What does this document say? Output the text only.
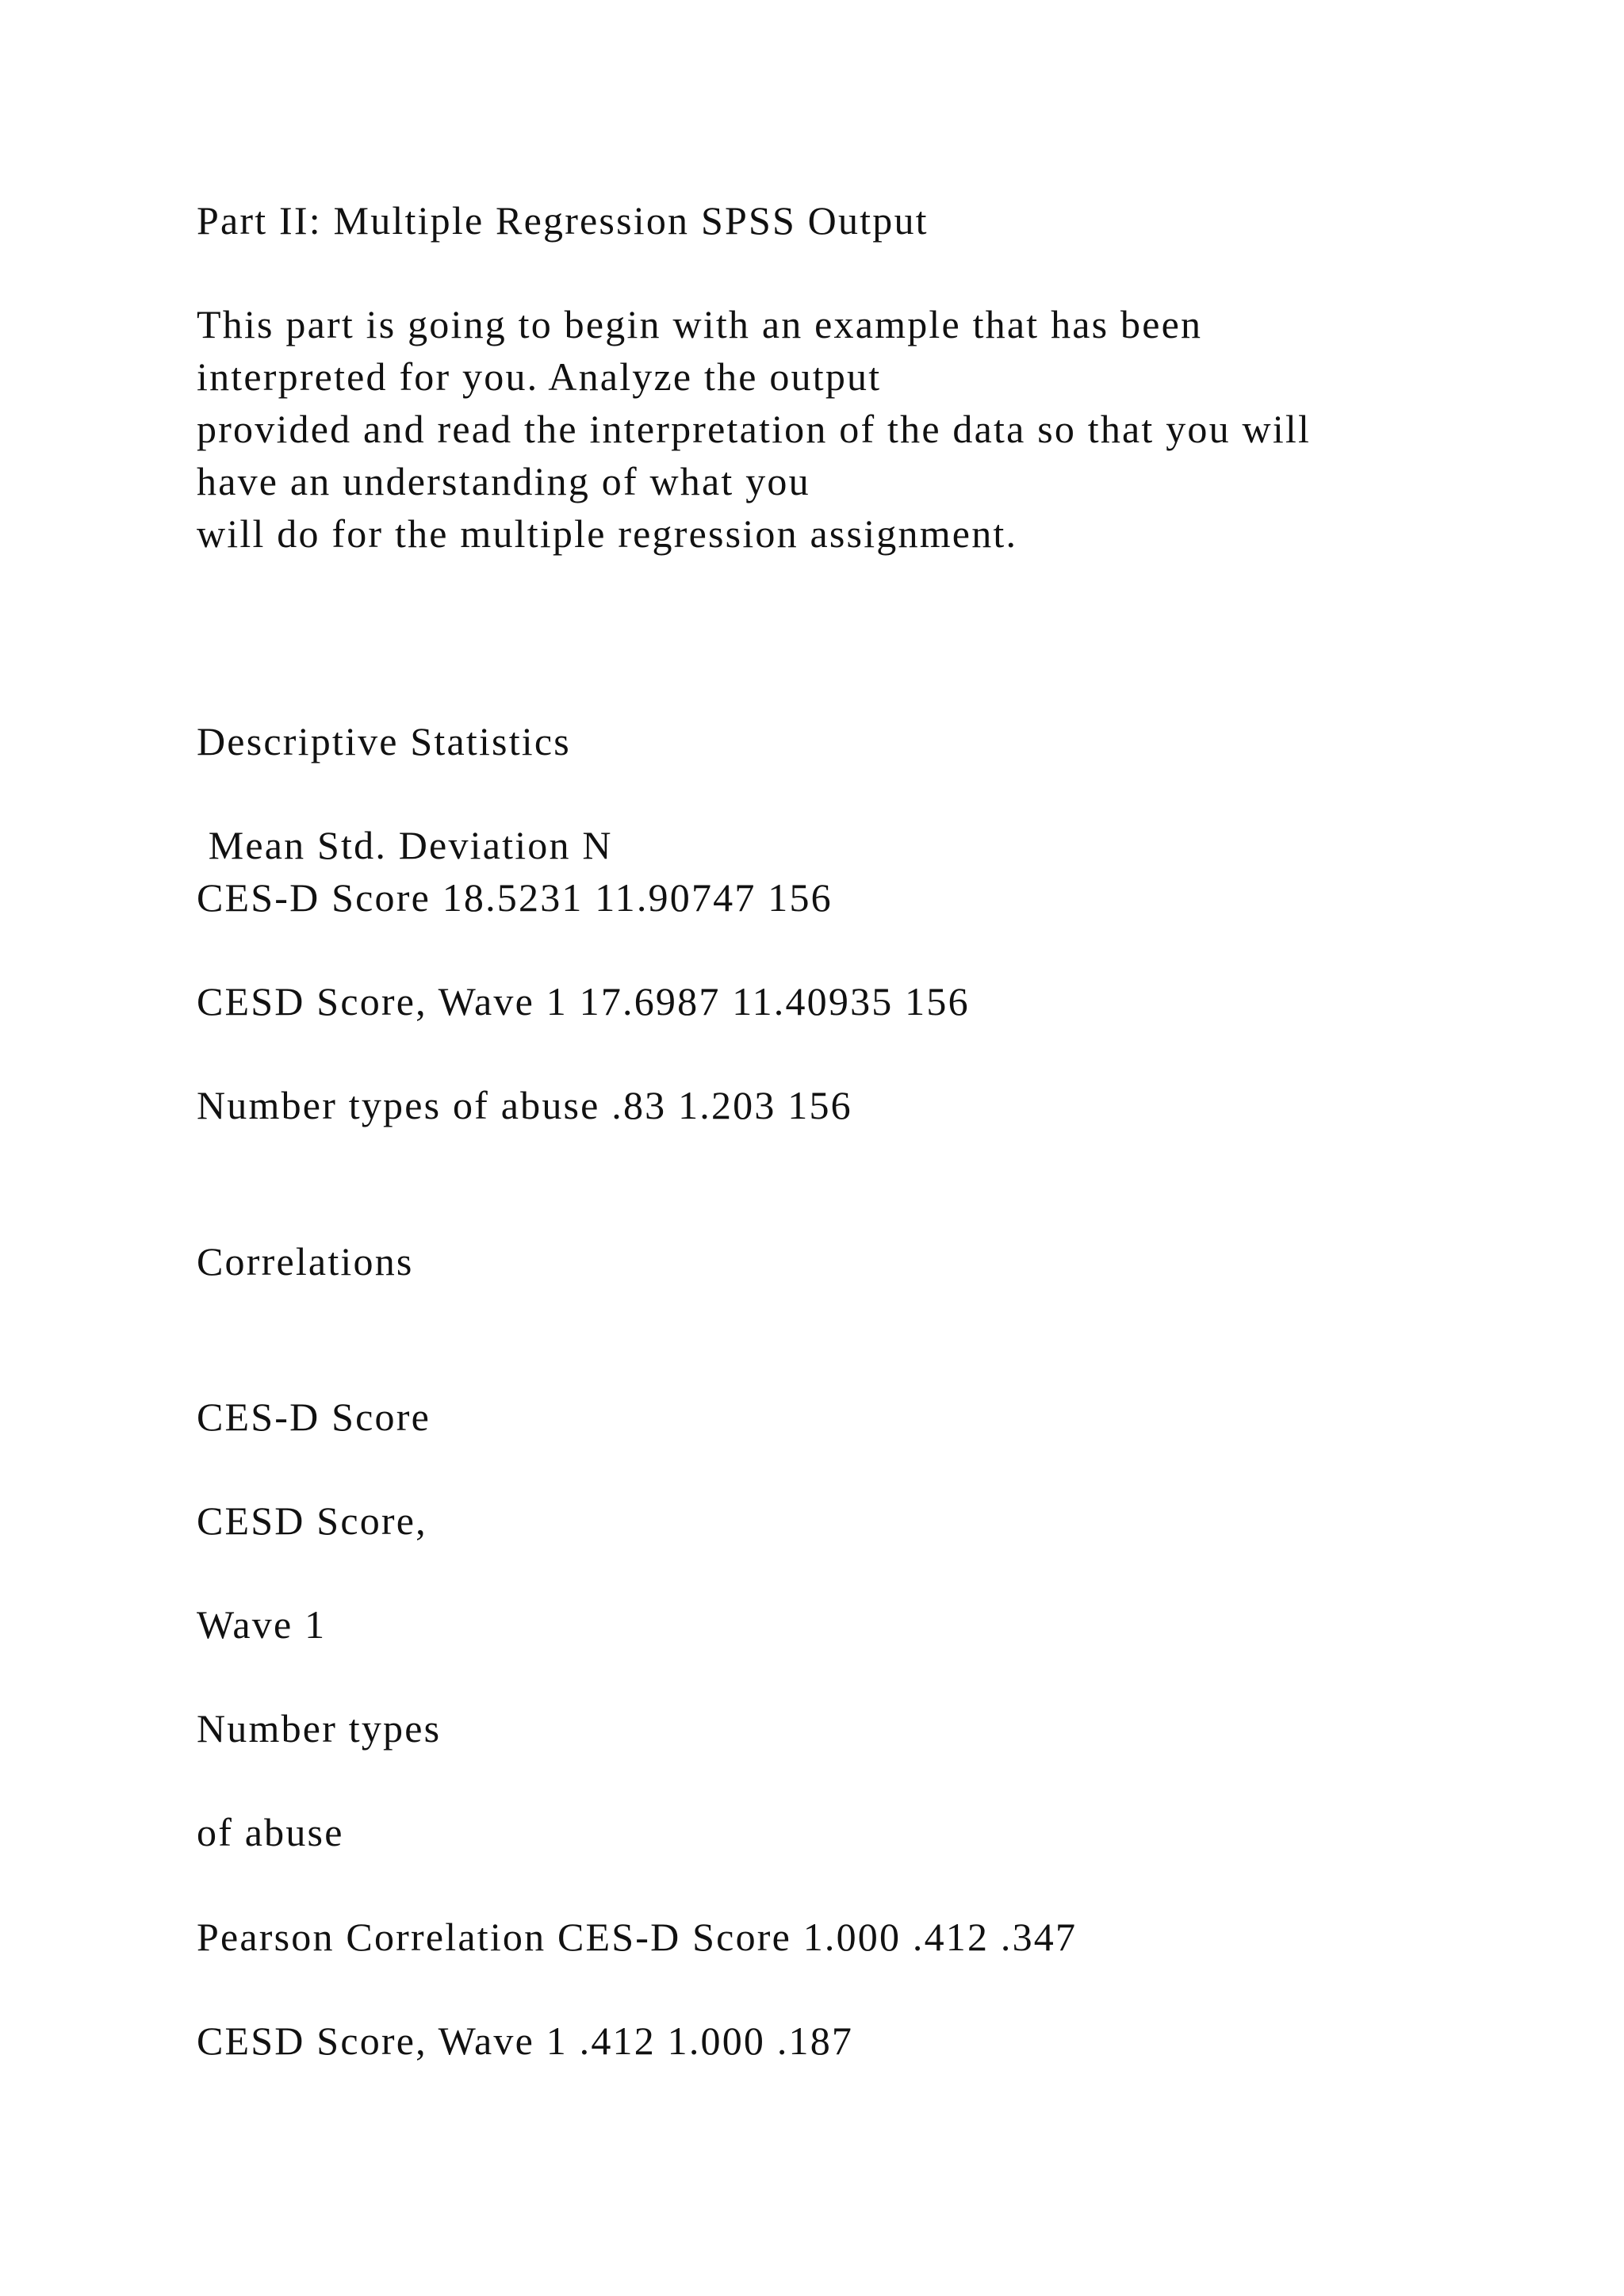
Part II: Multiple Regression SPSS Output

This part is going to begin with an example that has been

interpreted for you. Analyze the output

provided and read the interpretation of the data so that you will

have an understanding of what you

will do for the multiple regression assignment.

Descriptive Statistics

Mean Std. Deviation N

CES-D Score 18.5231 11.90747 156

CESD Score, Wave 1 17.6987 11.40935 156

Number types of abuse .83 1.203 156

Correlations

CES-D Score

CESD Score,

Wave 1

Number types

of abuse

Pearson Correlation CES-D Score 1.000 .412 .347

CESD Score, Wave 1 .412 1.000 .187
